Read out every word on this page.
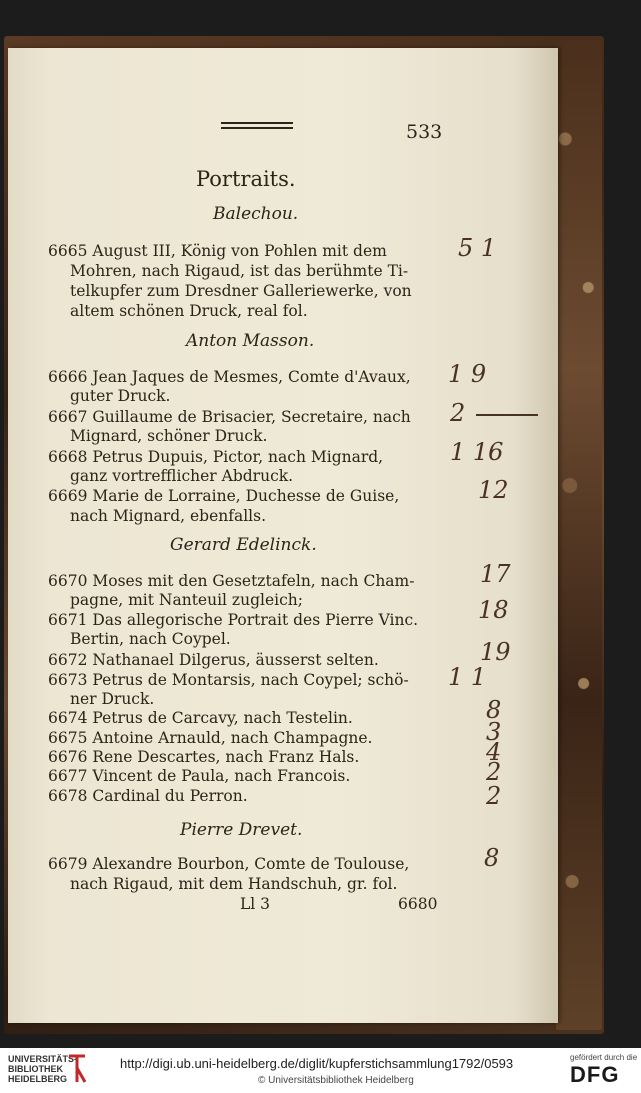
533
Portraits.
Balechou.
6665 August III, König von Pohlen mit dem
Mohren, nach Rigaud, ist das berühmte Ti-
telkupfer zum Dresdner Galleriewerke, von
altem schönen Druck, real fol.
5 1
Anton Masson.
6666 Jean Jaques de Mesmes, Comte d'Avaux,
guter Druck.
1 9
6667 Guillaume de Brisacier, Secretaire, nach
Mignard, schöner Druck.
2
6668 Petrus Dupuis, Pictor, nach Mignard,
ganz vortrefflicher Abdruck.
1 16
6669 Marie de Lorraine, Duchesse de Guise,
nach Mignard, ebenfalls.
12
Gerard Edelinck.
6670 Moses mit den Gesetztafeln, nach Cham-
pagne, mit Nanteuil zugleich;
17
6671 Das allegorische Portrait des Pierre Vinc.
Bertin, nach Coypel.
18
6672 Nathanael Dilgerus, äusserst selten.	19
6673 Petrus de Montarsis, nach Coypel; schö-
ner Druck.
1 1
6674 Petrus de Carcavy, nach Testelin.	8
6675 Antoine Arnauld, nach Champagne.	3
6676 Rene Descartes, nach Franz Hals.	4
6677 Vincent de Paula, nach Francois.	2
6678 Cardinal du Perron.	2
Pierre Drevet.
6679 Alexandre Bourbon, Comte de Toulouse,
nach Rigaud, mit dem Handschuh, gr. fol.
8
Ll 3	6680
UNIVERSITÄTS-
BIBLIOTHEK
HEIDELBERG
http://digi.ub.uni-heidelberg.de/diglit/kupferstichsammlung1792/0593
© Universitätsbibliothek Heidelberg
gefördert durch die
DFG
